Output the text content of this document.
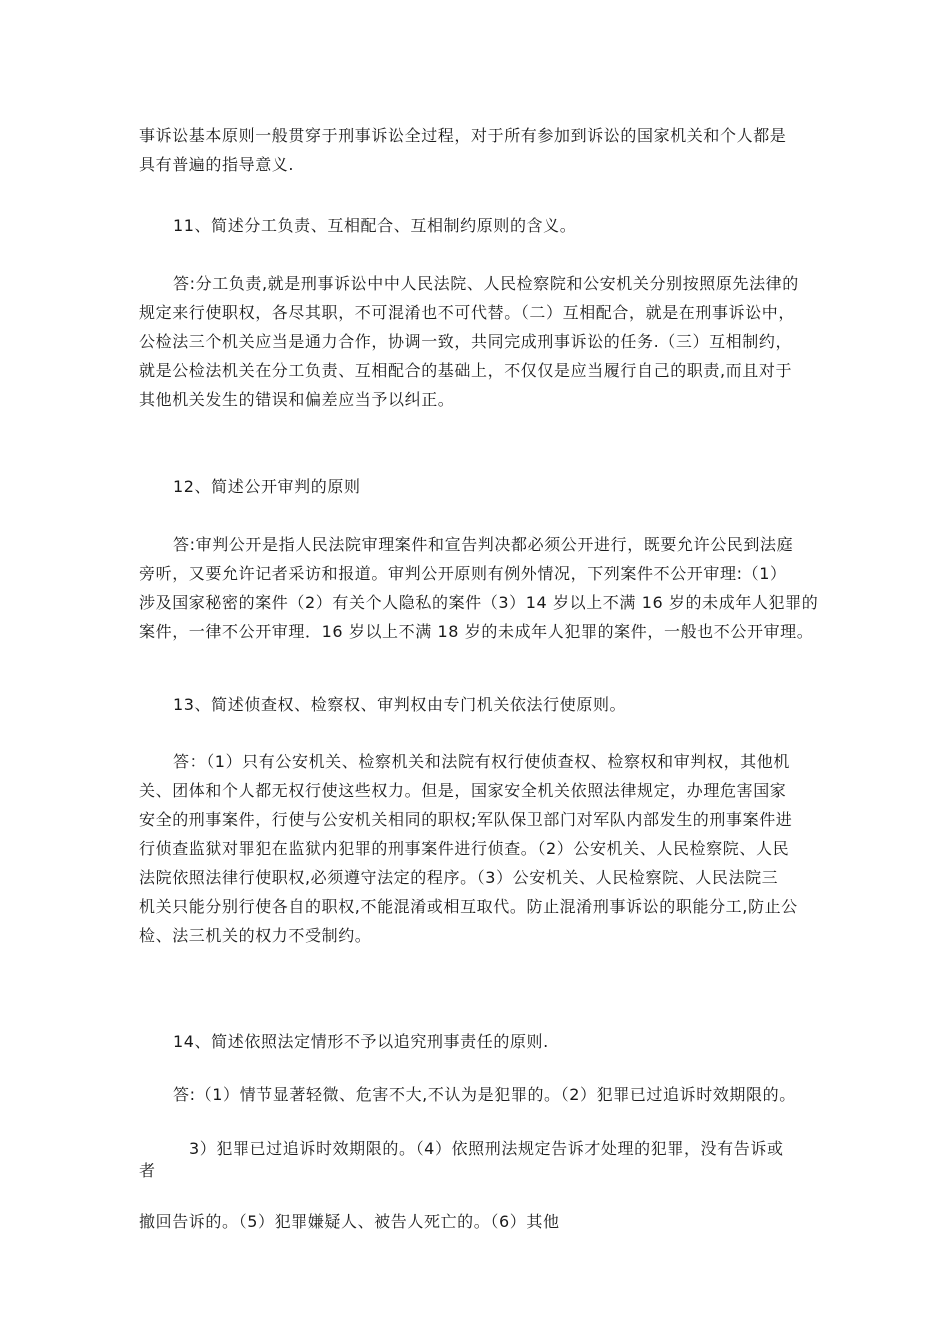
事诉讼基本原则一般贯穿于刑事诉讼全过程，对于所有参加到诉讼的国家机关和个人都是
具有普遍的指导意义.
11、简述分工负责、互相配合、互相制约原则的含义。
答:分工负责,就是刑事诉讼中中人民法院、人民检察院和公安机关分别按照原先法律的
规定来行使职权，各尽其职，不可混淆也不可代替。（二）互相配合，就是在刑事诉讼中，
公检法三个机关应当是通力合作，协调一致，共同完成刑事诉讼的任务.（三）互相制约，
就是公检法机关在分工负责、互相配合的基础上，不仅仅是应当履行自己的职责,而且对于
其他机关发生的错误和偏差应当予以纠正。
12、简述公开审判的原则
答:审判公开是指人民法院审理案件和宣告判决都必须公开进行，既要允许公民到法庭
旁听，又要允许记者采访和报道。审判公开原则有例外情况，下列案件不公开审理:（1）
涉及国家秘密的案件（2）有关个人隐私的案件（3）14 岁以上不满 16 岁的未成年人犯罪的
案件，一律不公开审理．16 岁以上不满 18 岁的未成年人犯罪的案件，一般也不公开审理。
13、简述侦查权、检察权、审判权由专门机关依法行使原则。
答：（1）只有公安机关、检察机关和法院有权行使侦查权、检察权和审判权，其他机
关、团体和个人都无权行使这些权力。但是，国家安全机关依照法律规定，办理危害国家
安全的刑事案件，行使与公安机关相同的职权;军队保卫部门对军队内部发生的刑事案件进
行侦查监狱对罪犯在监狱内犯罪的刑事案件进行侦查。（2）公安机关、人民检察院、人民
法院依照法律行使职权,必须遵守法定的程序。（3）公安机关、人民检察院、人民法院三
机关只能分别行使各自的职权,不能混淆或相互取代。防止混淆刑事诉讼的职能分工,防止公
检、法三机关的权力不受制约。
14、简述依照法定情形不予以追究刑事责任的原则.
答:（1）情节显著轻微、危害不大,不认为是犯罪的。（2）犯罪已过追诉时效期限的。
3）犯罪已过追诉时效期限的。（4）依照刑法规定告诉才处理的犯罪，没有告诉或
者
撤回告诉的。（5）犯罪嫌疑人、被告人死亡的。（6）其他
